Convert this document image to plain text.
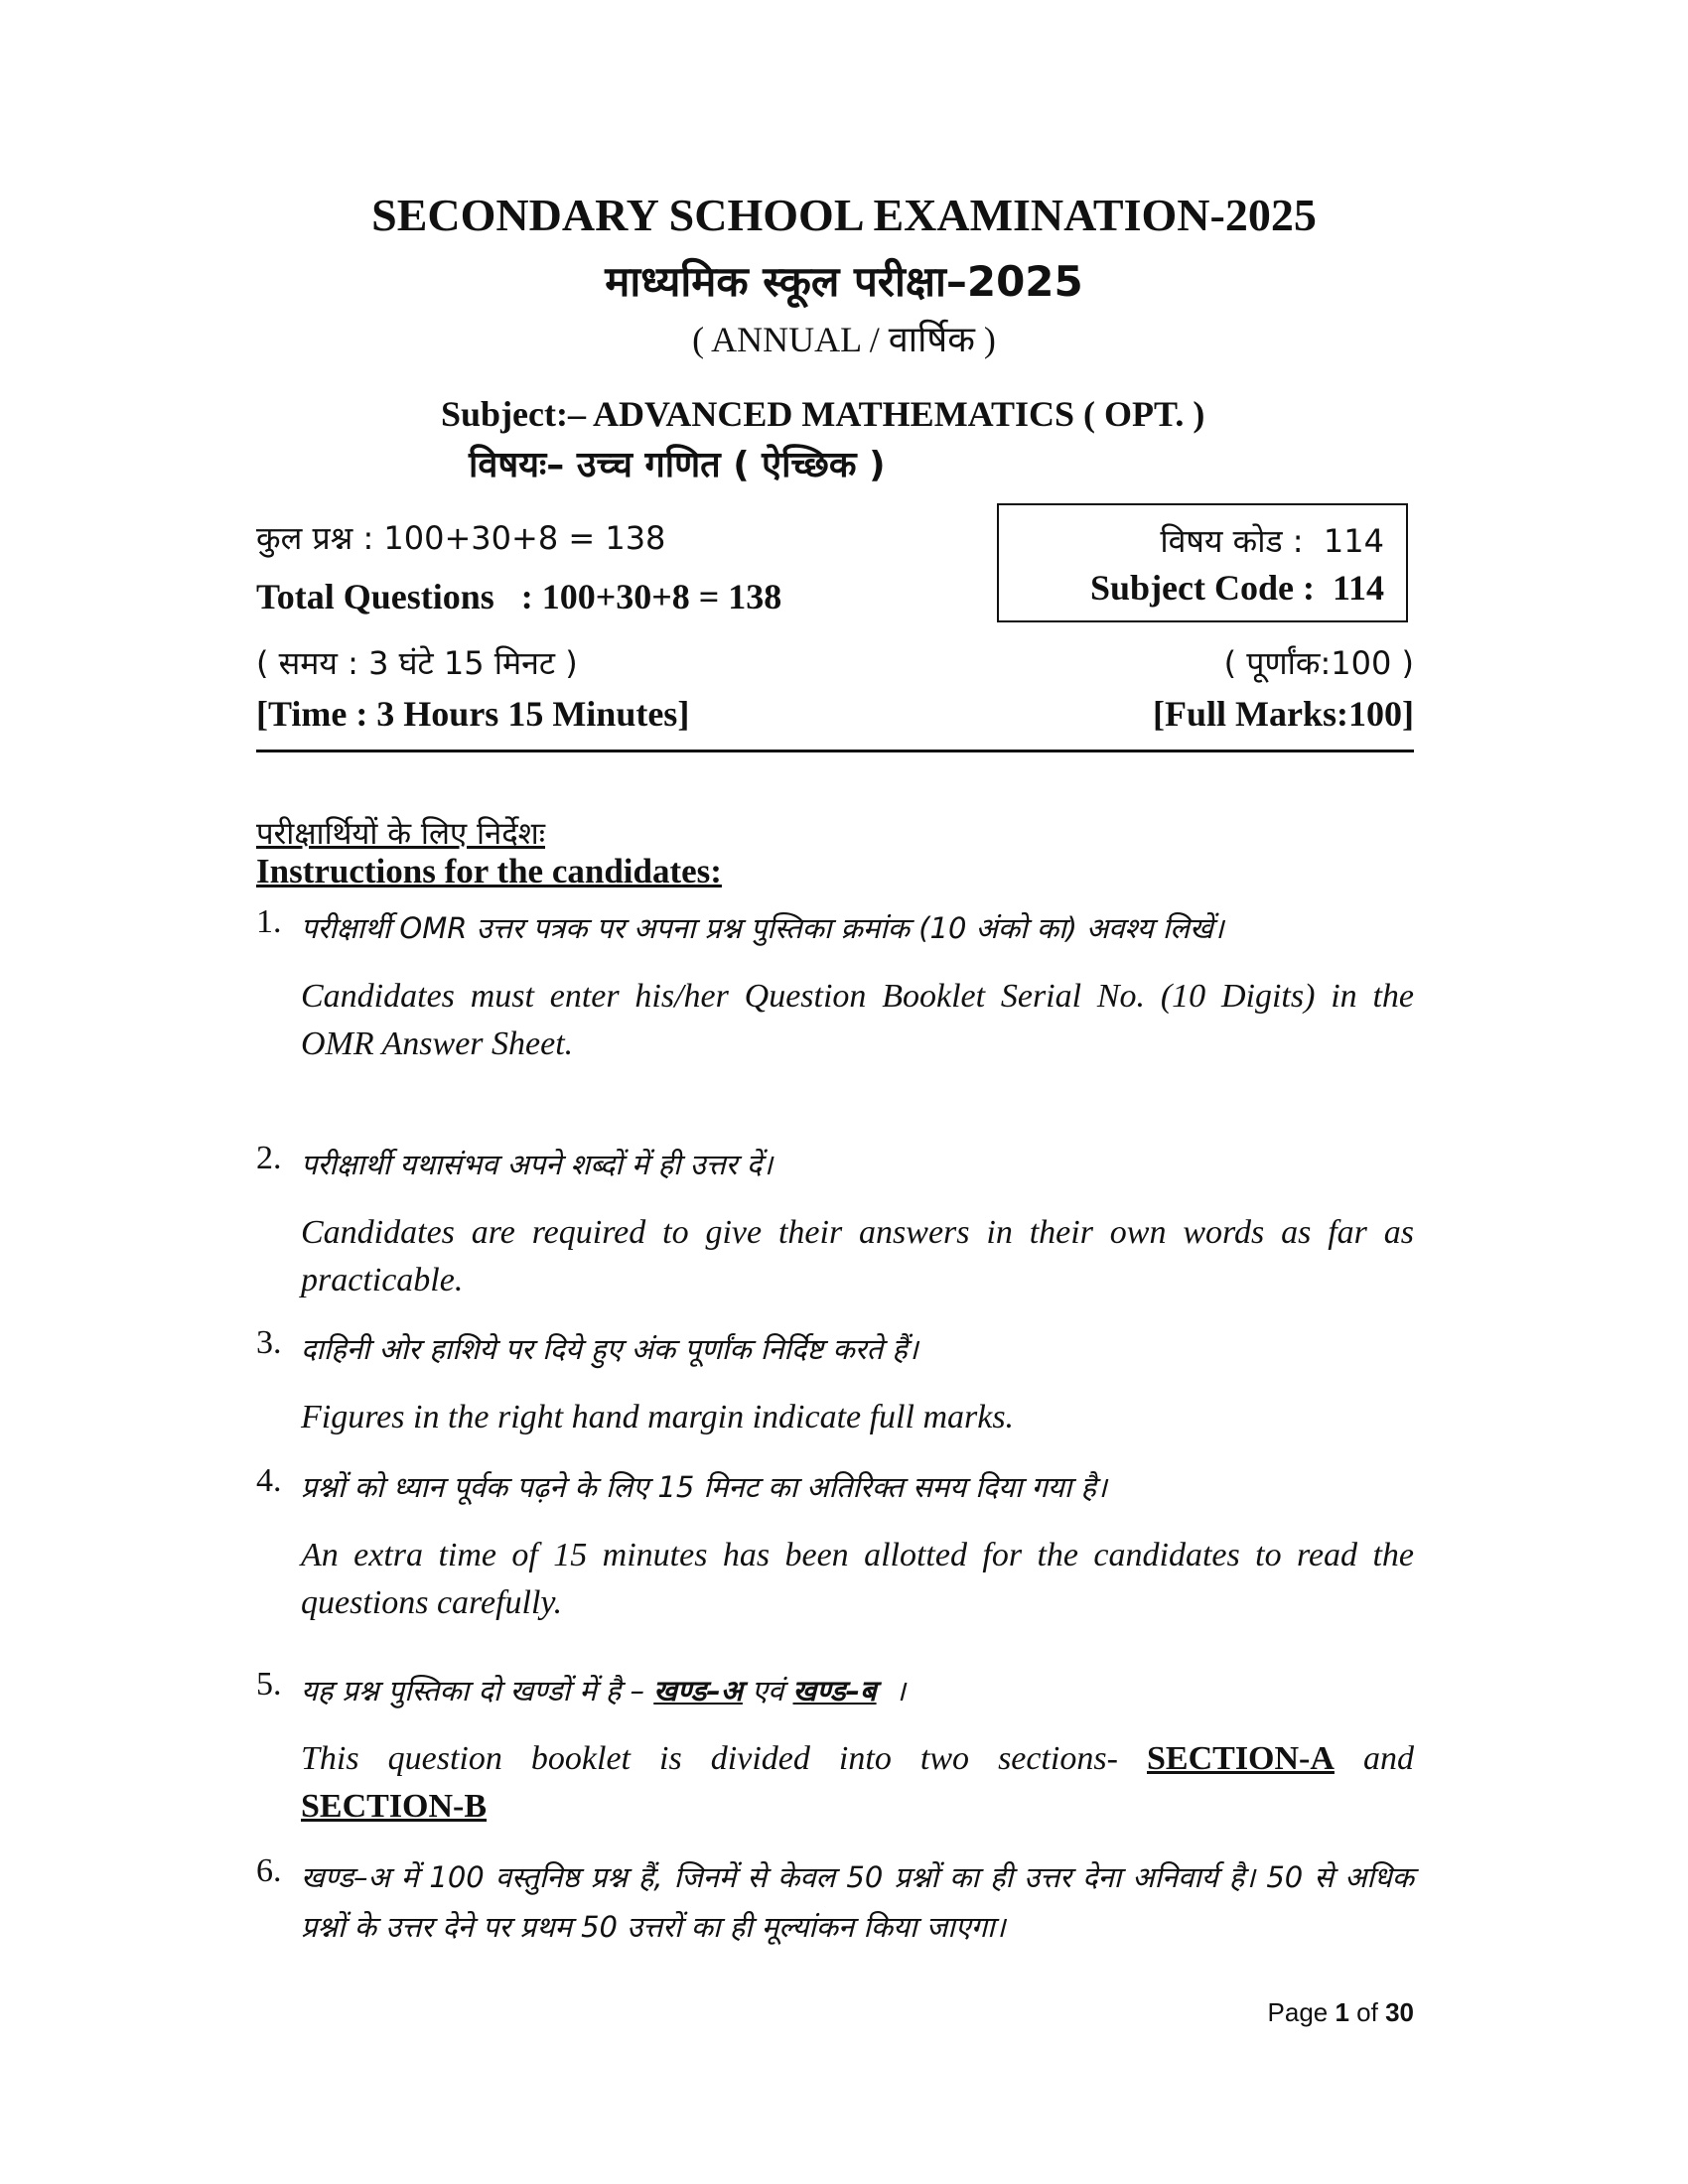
SECONDARY SCHOOL EXAMINATION-2025
माध्यमिक स्कूल परीक्षा–2025
( ANNUAL / वार्षिक )
Subject:– ADVANCED MATHEMATICS ( OPT. )
विषयः– उच्च गणित ( ऐच्छिक )
कुल प्रश्न : 100+30+8 = 138
Total Questions   : 100+30+8 = 138
विषय कोड :  114
Subject Code :  114
( समय : 3 घंटे 15 मिनट )
[Time : 3 Hours 15 Minutes]
( पूर्णांक:100 )
[Full Marks:100]
परीक्षार्थियों के लिए निर्देशः
Instructions for the candidates:
1. परीक्षार्थी OMR उत्तर पत्रक पर अपना प्रश्न पुस्तिका क्रमांक (10 अंको का) अवश्य लिखें।
Candidates must enter his/her Question Booklet Serial No. (10 Digits) in the OMR Answer Sheet.
2. परीक्षार्थी यथासंभव अपने शब्दों में ही उत्तर दें।
Candidates are required to give their answers in their own words as far as practicable.
3. दाहिनी ओर हाशिये पर दिये हुए अंक पूर्णांक निर्दिष्ट करते हैं।
Figures in the right hand margin indicate full marks.
4. प्रश्नों को ध्यान पूर्वक पढ़ने के लिए 15 मिनट का अतिरिक्त समय दिया गया है।
An extra time of 15 minutes has been allotted for the candidates to read the questions carefully.
5. यह प्रश्न पुस्तिका दो खण्डों में है – खण्ड–अ एवं खण्ड–ब  ।
This question booklet is divided into two sections- SECTION-A and
SECTION-B
6. खण्ड–अ में 100 वस्तुनिष्ठ प्रश्न हैं, जिनमें से केवल 50 प्रश्नों का ही उत्तर देना अनिवार्य है। 50 से अधिक प्रश्नों के उत्तर देने पर प्रथम 50 उत्तरों का ही मूल्यांकन किया जाएगा।
Page 1 of 30
